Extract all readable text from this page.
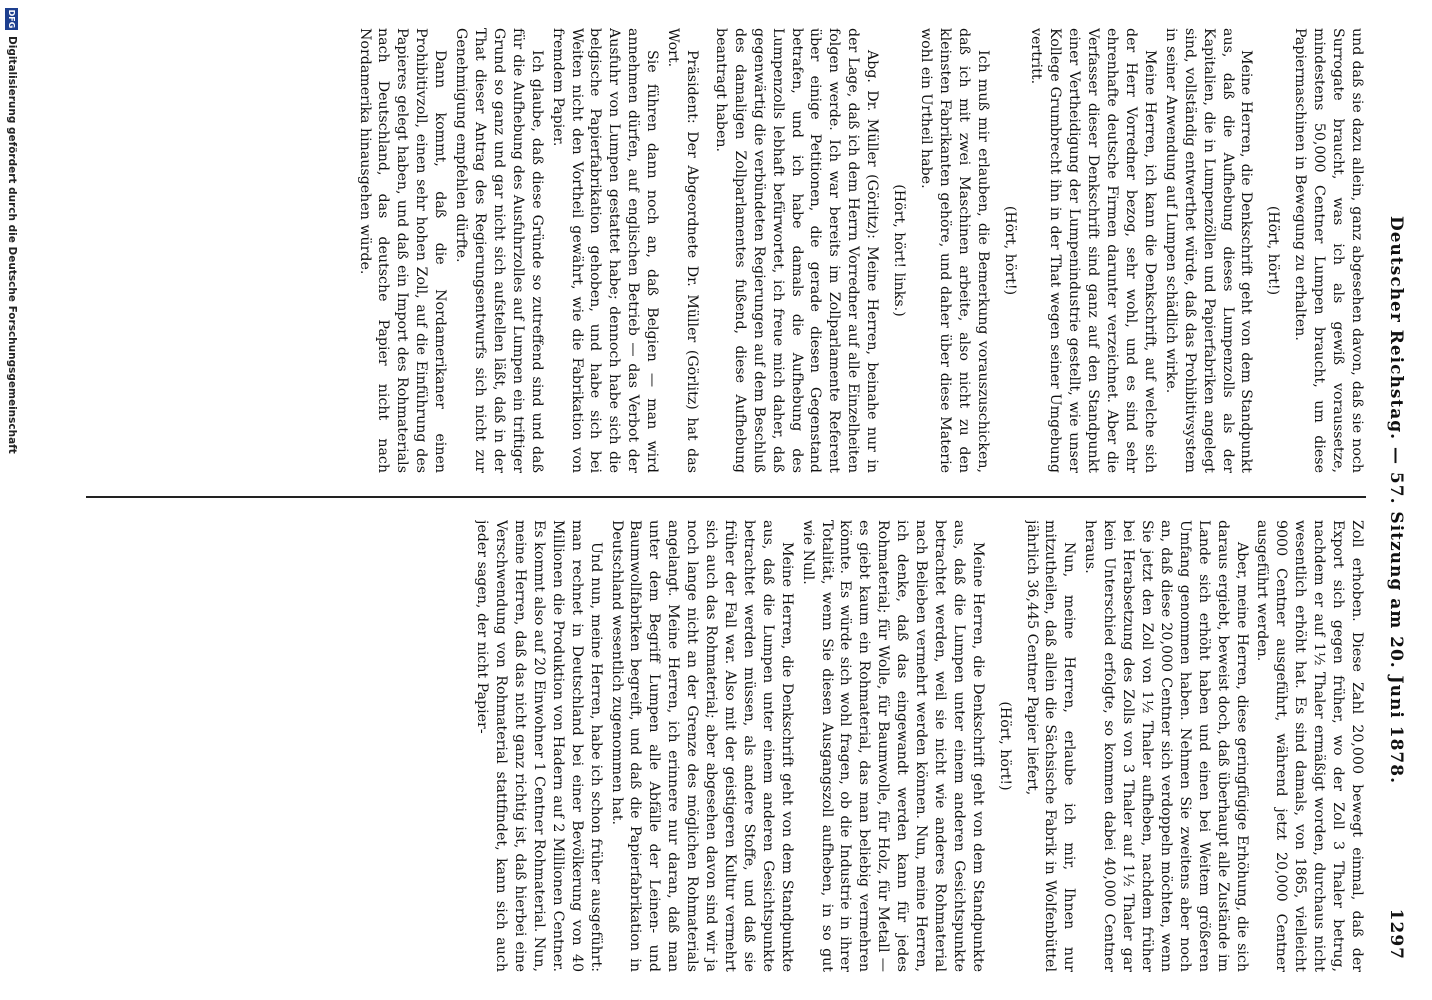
Deutscher Reichstag. — 57. Sitzung am 20. Juni 1878.
1297

und daß sie dazu allein, ganz abgesehen davon, daß sie noch Surrogate braucht, was ich als gewiß voraussetze, mindestens 50,000 Centner Lumpen braucht, um diese Papiermaschinen in Bewegung zu erhalten.

(Hört, hört!)

Meine Herren, die Denkschrift geht von dem Standpunkt aus, daß die Aufhebung dieses Lumpenzolls als der Kapitalien, die in Lumpenzöllen und Papierfabriken angelegt sind, vollständig entwerthet würde, daß das Prohibitivsystem in seiner Anwendung auf Lumpen schädlich wirke.

Meine Herren, ich kann die Denkschrift, auf welche sich der Herr Vorredner bezog, sehr wohl, und es sind sehr ehrenhafte deutsche Firmen darunter verzeichnet. Aber die Verfasser dieser Denkschrift sind ganz auf den Standpunkt einer Vertheidigung der Lumpenindustrie gestellt, wie unser Kollege Grumbrecht ihn in der That wegen seiner Umgebung vertritt.

(Hört, hört!)

Ich muß mir erlauben, die Bemerkung vorauszuschicken, daß ich mit zwei Maschinen arbeite, also nicht zu den kleinsten Fabrikanten gehöre, und daher über diese Materie wohl ein Urtheil habe.

(Hört, hört! links.)

Abg. Dr. Müller (Görlitz): Meine Herren, beinahe nur in der Lage, daß ich dem Herrn Vorredner auf alle Einzelheiten folgen werde. Ich war bereits im Zollparlamente Referent über einige Petitionen, die gerade diesen Gegenstand betrafen, und ich habe damals die Aufhebung des Lumpenzolls lebhaft befürwortet, ich freue mich daher, daß gegenwärtig die verbündeten Regierungen auf dem Beschluß des damaligen Zollparlamentes fußend, diese Aufhebung beantragt haben.

Präsident: Der Abgeordnete Dr. Müller (Görlitz) hat das Wort.

Sie führen dann noch an, daß Belgien — man wird annehmen dürfen, auf englischen Betrieb — das Verbot der Ausfuhr von Lumpen gestattet habe; dennoch habe sich die belgische Papierfabrikation gehoben, und habe sich bei Weiten nicht den Vortheil gewährt, wie die Fabrikation von fremdem Papier.

Ich glaube, daß diese Gründe so zutreffend sind und daß für die Aufhebung des Ausfuhrzolles auf Lumpen ein triftiger Grund so ganz und gar nicht sich aufstellen läßt, daß in der That dieser Antrag des Regierungsentwurfs sich nicht zur Genehmigung empfehlen dürfte.

Dann kommt, daß die Nordamerikaner einen Prohibitivzoll, einen sehr hohen Zoll, auf die Einführung des Papieres gelegt haben, und daß ein Import des Rohmaterials nach Deutschland, das deutsche Papier nicht nach Nordamerika hinausgehen würde.

Zoll erhoben. Diese Zahl 20,000 bewegt einmal, daß der Export sich gegen früher, wo der Zoll 3 Thaler betrug, nachdem er auf 1½ Thaler ermäßigt worden, durchaus nicht wesentlich erhöht hat. Es sind damals, von 1865, vielleicht 9000 Centner ausgeführt, während jetzt 20,000 Centner ausgeführt werden.

Aber, meine Herren, diese geringfügige Erhöhung, die sich daraus ergiebt, beweist doch, daß überhaupt alle Zustände im Lande sich erhöht haben und einen bei Weitem größeren Umfang genommen haben. Nehmen Sie zweitens aber noch an, daß diese 20,000 Centner sich verdoppeln möchten, wenn Sie jetzt den Zoll von 1½ Thaler aufheben, nachdem früher bei Herabsetzung des Zolls von 3 Thaler auf 1½ Thaler gar kein Unterschied erfolgte, so kommen dabei 40,000 Centner heraus.

Nun, meine Herren, erlaube ich mir, Ihnen nur mitzutheilen, daß allein die Sächsische Fabrik in Wolfenbüttel jährlich 36,445 Centner Papier liefert,

(Hört, hört!)

Meine Herren, die Denkschrift geht von dem Standpunkte aus, daß die Lumpen unter einem anderen Gesichtspunkte betrachtet werden, weil sie nicht wie anderes Rohmaterial nach Belieben vermehrt werden können. Nun, meine Herren, ich denke, daß das eingewandt werden kann für jedes Rohmaterial; für Wolle, für Baumwolle, für Holz, für Metall — es giebt kaum ein Rohmaterial, das man beliebig vermehren könnte. Es würde sich wohl fragen, ob die Industrie in ihrer Totalität, wenn Sie diesen Ausgangszoll aufheben, in so gut wie Null.

Meine Herren, die Denkschrift geht von dem Standpunkte aus, daß die Lumpen unter einem anderen Gesichtspunkte betrachtet werden müssen, als andere Stoffe, und daß sie früher der Fall war. Also mit der geistigeren Kultur vermehrt sich auch das Rohmaterial; aber abgesehen davon sind wir ja noch lange nicht an der Grenze des möglichen Rohmaterials angelangt. Meine Herren, ich erinnere nur daran, daß man unter dem Begriff Lumpen alle Abfälle der Leinen- und Baumwollfabriken begreift, und daß die Papierfabrikation in Deutschland wesentlich zugenommen hat.

Und nun, meine Herren, habe ich schon früher ausgeführt: man rechnet in Deutschland bei einer Bevölkerung von 40 Millionen die Produktion von Hadern auf 2 Millionen Centner. Es kommt also auf 20 Einwohner 1 Centner Rohmaterial. Nun, meine Herren, daß das nicht ganz richtig ist, daß hierbei eine Verschwendung von Rohmaterial stattfindet, kann sich auch jeder sagen, der nicht Papier-

DFG
Digitalisierung gefördert durch die Deutsche Forschungsgemeinschaft
